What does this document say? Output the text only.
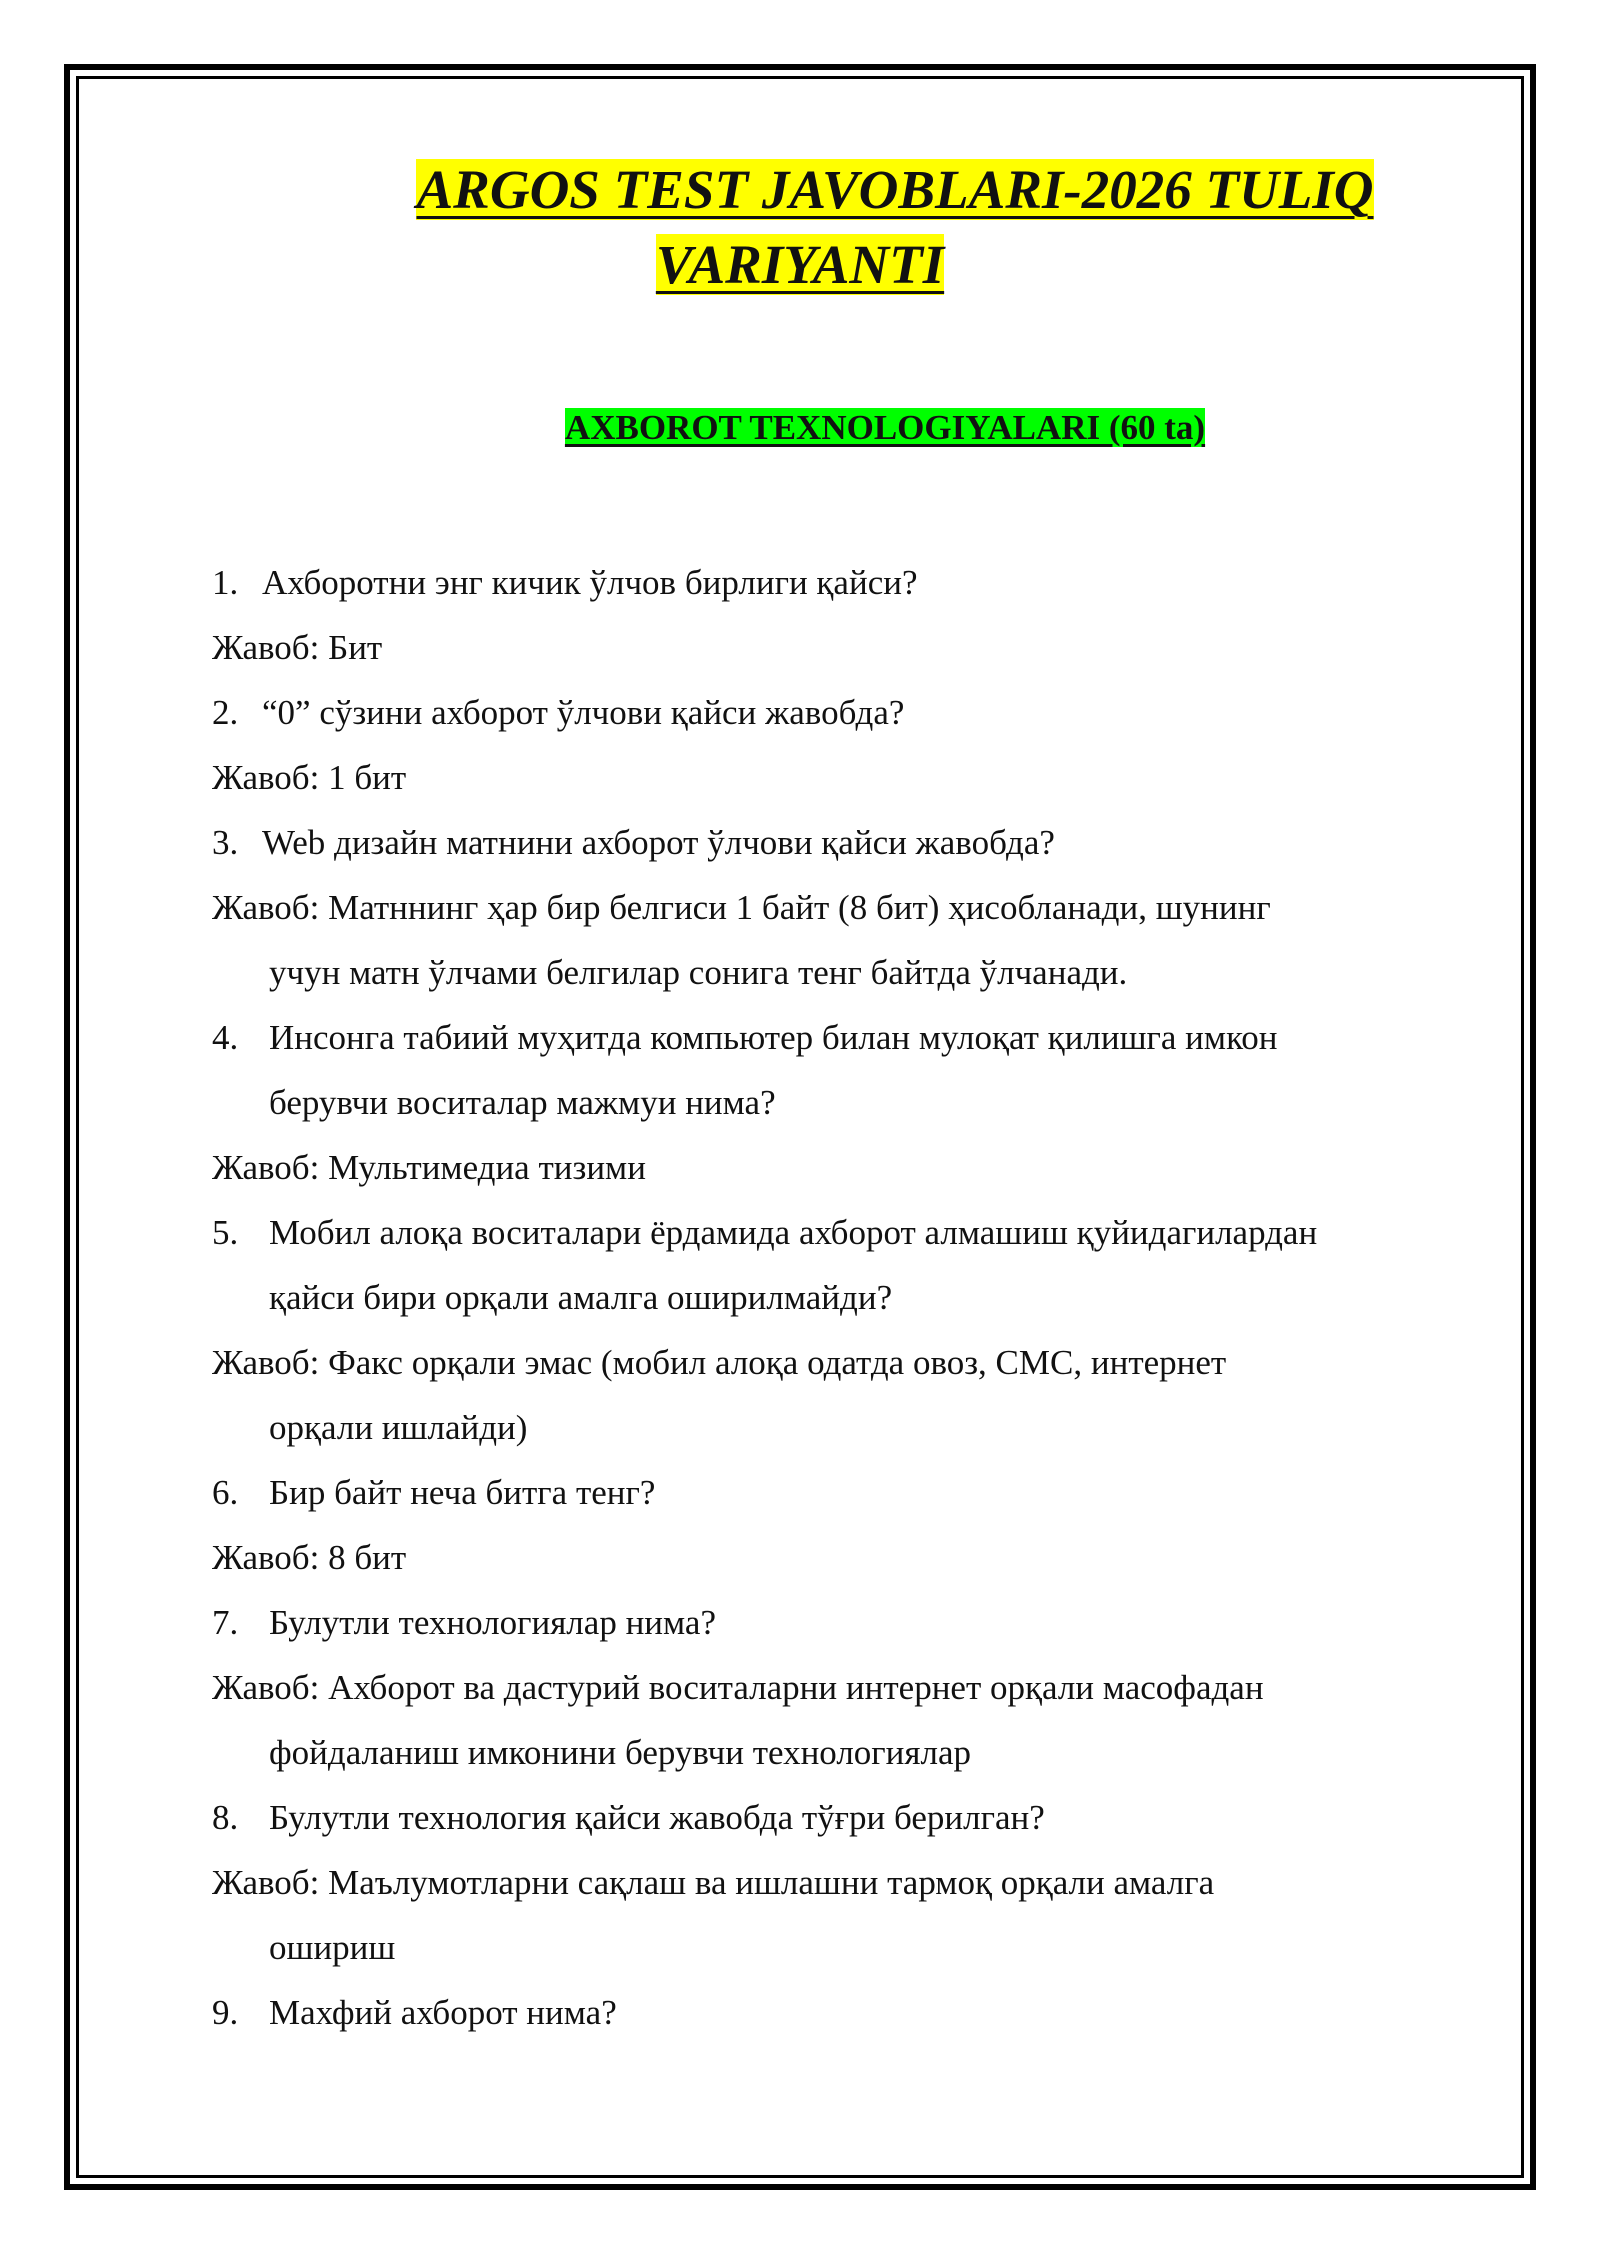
ARGOS TEST JAVOBLARI-2026 TULIQ
VARIYANTI
AXBOROT TEXNOLOGIYALARI (60 ta)
1. Ахборотни энг кичик ўлчов бирлиги қайси?
Жавоб: Бит
2. “0” сўзини ахборот ўлчови қайси жавобда?
Жавоб: 1 бит
3. Web дизайн матнини ахборот ўлчови қайси жавобда?
Жавоб: Матннинг ҳар бир белгиси 1 байт (8 бит) ҳисобланади, шунинг
учун матн ўлчами белгилар сонига тенг байтда ўлчанади.
4. Инсонга табиий муҳитда компьютер билан мулоқат қилишга имкон
берувчи воситалар мажмуи нима?
Жавоб: Мультимедиа тизими
5. Мобил алоқа воситалари ёрдамида ахборот алмашиш қуйидагилардан
қайси бири орқали амалга оширилмайди?
Жавоб: Факс орқали эмас (мобил алоқа одатда овоз, СМС, интернет
орқали ишлайди)
6. Бир байт неча битга тенг?
Жавоб: 8 бит
7. Булутли технологиялар нима?
Жавоб: Ахборот ва дастурий воситаларни интернет орқали масофадан
фойдаланиш имконини берувчи технологиялар
8. Булутли технология қайси жавобда тўғри берилган?
Жавоб: Маълумотларни сақлаш ва ишлашни тармоқ орқали амалга
ошириш
9. Махфий ахборот нима?
